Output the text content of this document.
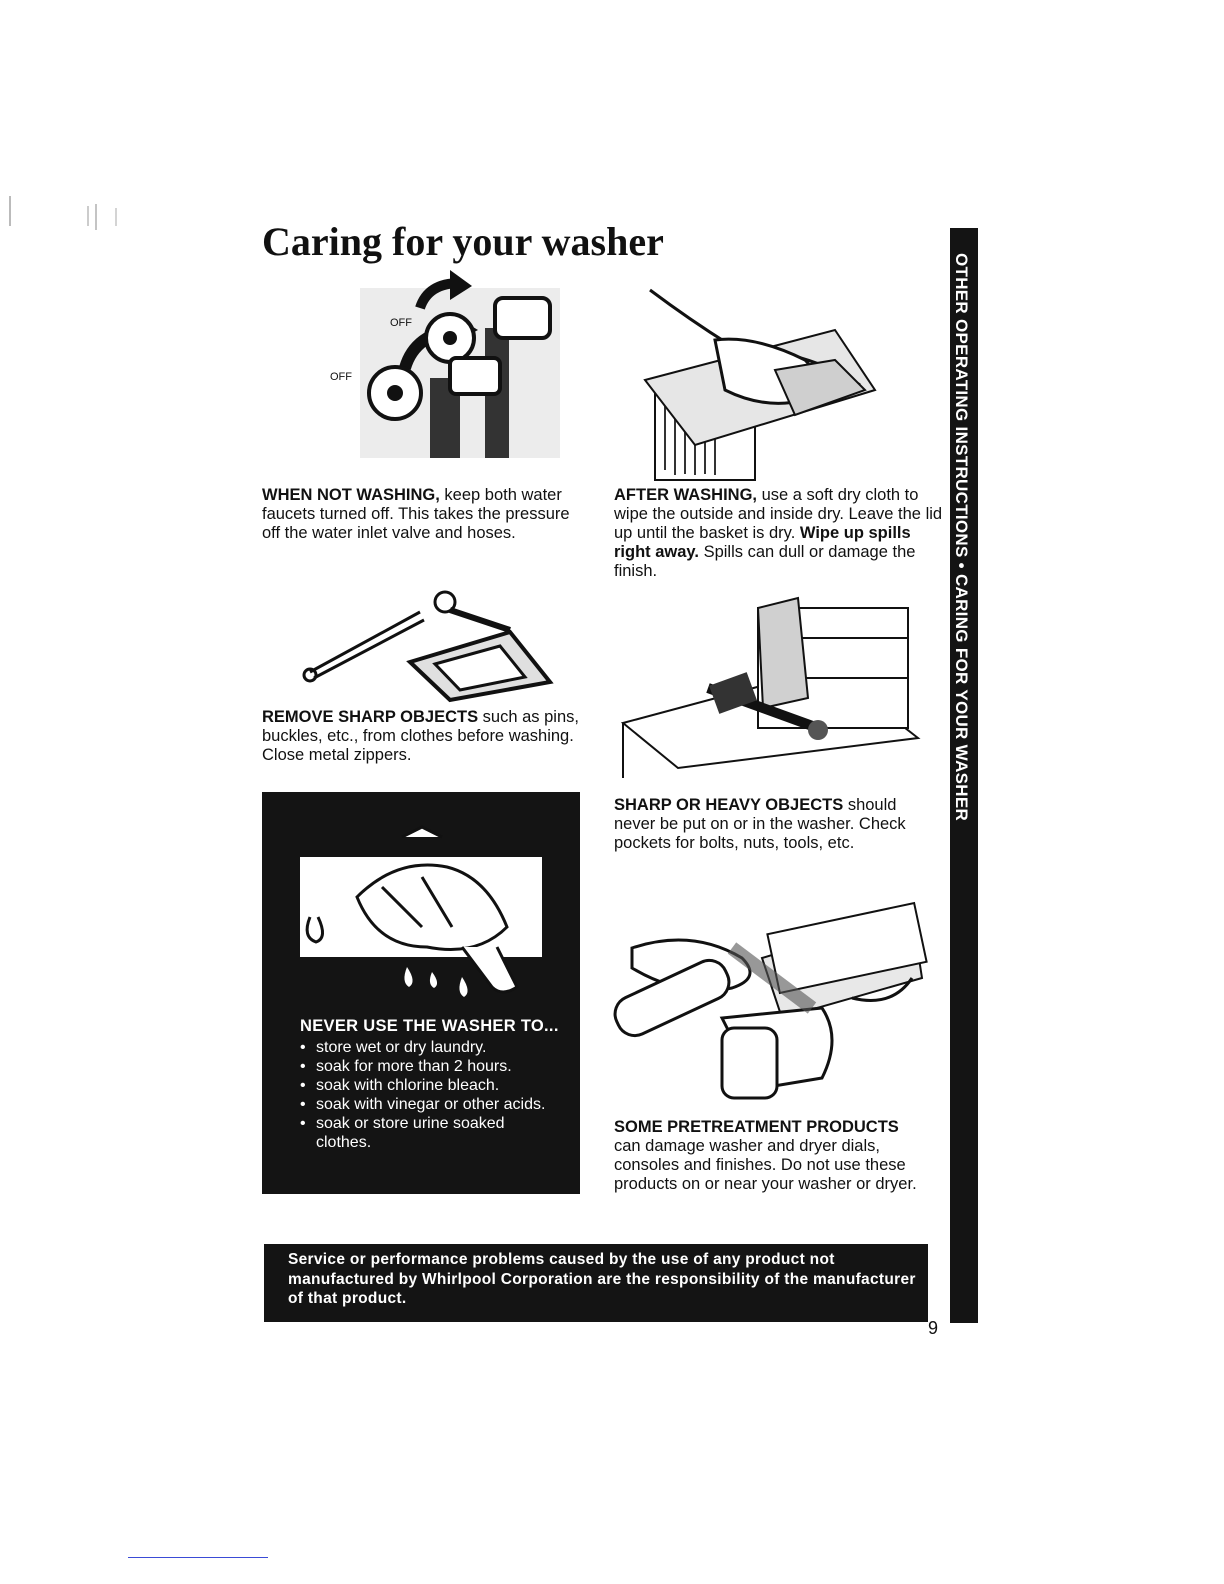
Caring for your washer
OTHER OPERATING INSTRUCTIONS • CARING FOR YOUR WASHER
OFF
OFF
WHEN NOT WASHING, keep both water faucets turned off. This takes the pressure off the water inlet valve and hoses.
AFTER WASHING, use a soft dry cloth to wipe the outside and inside dry. Leave the lid up until the basket is dry. Wipe up spills right away. Spills can dull or damage the finish.
REMOVE SHARP OBJECTS such as pins, buckles, etc., from clothes before washing. Close metal zippers.
SHARP OR HEAVY OBJECTS should never be put on or in the washer. Check pockets for bolts, nuts, tools, etc.
NEVER USE THE WASHER TO...
• store wet or dry laundry.
• soak for more than 2 hours.
• soak with chlorine bleach.
• soak with vinegar or other acids.
• soak or store urine soaked clothes.
SOME PRETREATMENT PRODUCTS
can damage washer and dryer dials, consoles and finishes. Do not use these products on or near your washer or dryer.
Service or performance problems caused by the use of any product not manufactured by Whirlpool Corporation are the responsibility of the manufacturer of that product.
9
